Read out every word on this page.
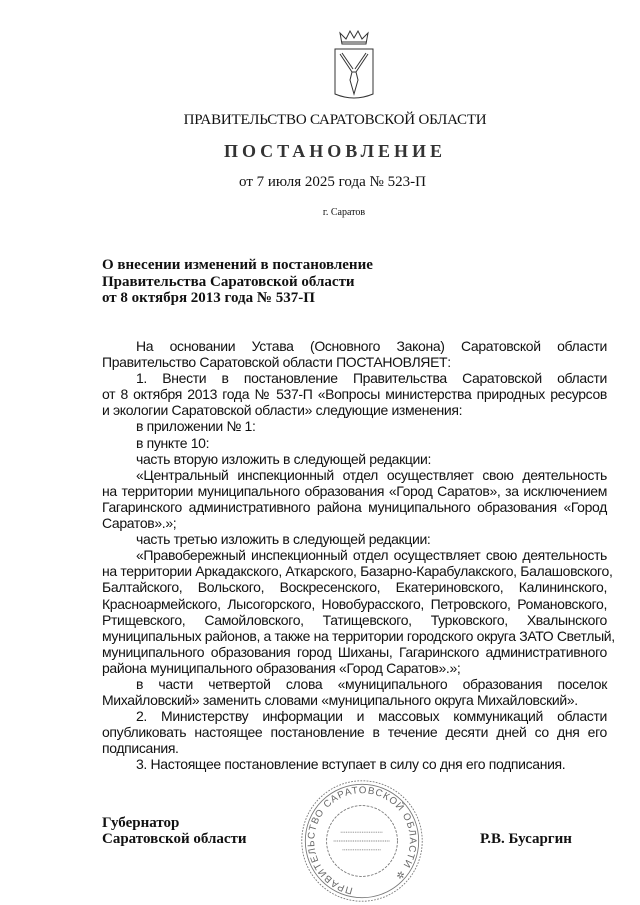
ПРАВИТЕЛЬСТВО САРАТОВСКОЙ ОБЛАСТИ
ПОСТАНОВЛЕНИЕ
от 7 июля 2025 года № 523-П
г. Саратов
О внесении изменений в постановление
Правительства Саратовской области
от 8 октября 2013 года № 537-П
На основании Устава (Основного Закона) Саратовской области
Правительство Саратовской области ПОСТАНОВЛЯЕТ:
1. Внести в постановление Правительства Саратовской области
от 8 октября 2013 года № 537-П «Вопросы министерства природных ресурсов
и экологии Саратовской области» следующие изменения:
в приложении № 1:
в пункте 10:
часть вторую изложить в следующей редакции:
«Центральный инспекционный отдел осуществляет свою деятельность
на территории муниципального образования «Город Саратов», за исключением
Гагаринского административного района муниципального образования «Город
Саратов».»;
часть третью изложить в следующей редакции:
«Правобережный инспекционный отдел осуществляет свою деятельность
на территории Аркадакского, Аткарского, Базарно-Карабулакского, Балашовского,
Балтайского, Вольского, Воскресенского, Екатериновского, Калининского,
Красноармейского, Лысогорского, Новобурасского, Петровского, Романовского,
Ртищевского, Самойловского, Татищевского, Турковского, Хвалынского
муниципальных районов, а также на территории городского округа ЗАТО Светлый,
муниципального образования город Шиханы, Гагаринского административного
района муниципального образования «Город Саратов».»;
в части четвертой слова «муниципального образования поселок
Михайловский» заменить словами «муниципального округа Михайловский».
2. Министерству информации и массовых коммуникаций области
опубликовать настоящее постановление в течение десяти дней со дня его
подписания.
3. Настоящее постановление вступает в силу со дня его подписания.
Губернатор
Саратовской области	Р.В. Бусаргин
ПРАВИТЕЛЬСТВО САРАТОВСКОЙ ОБЛАСТИ ✲
